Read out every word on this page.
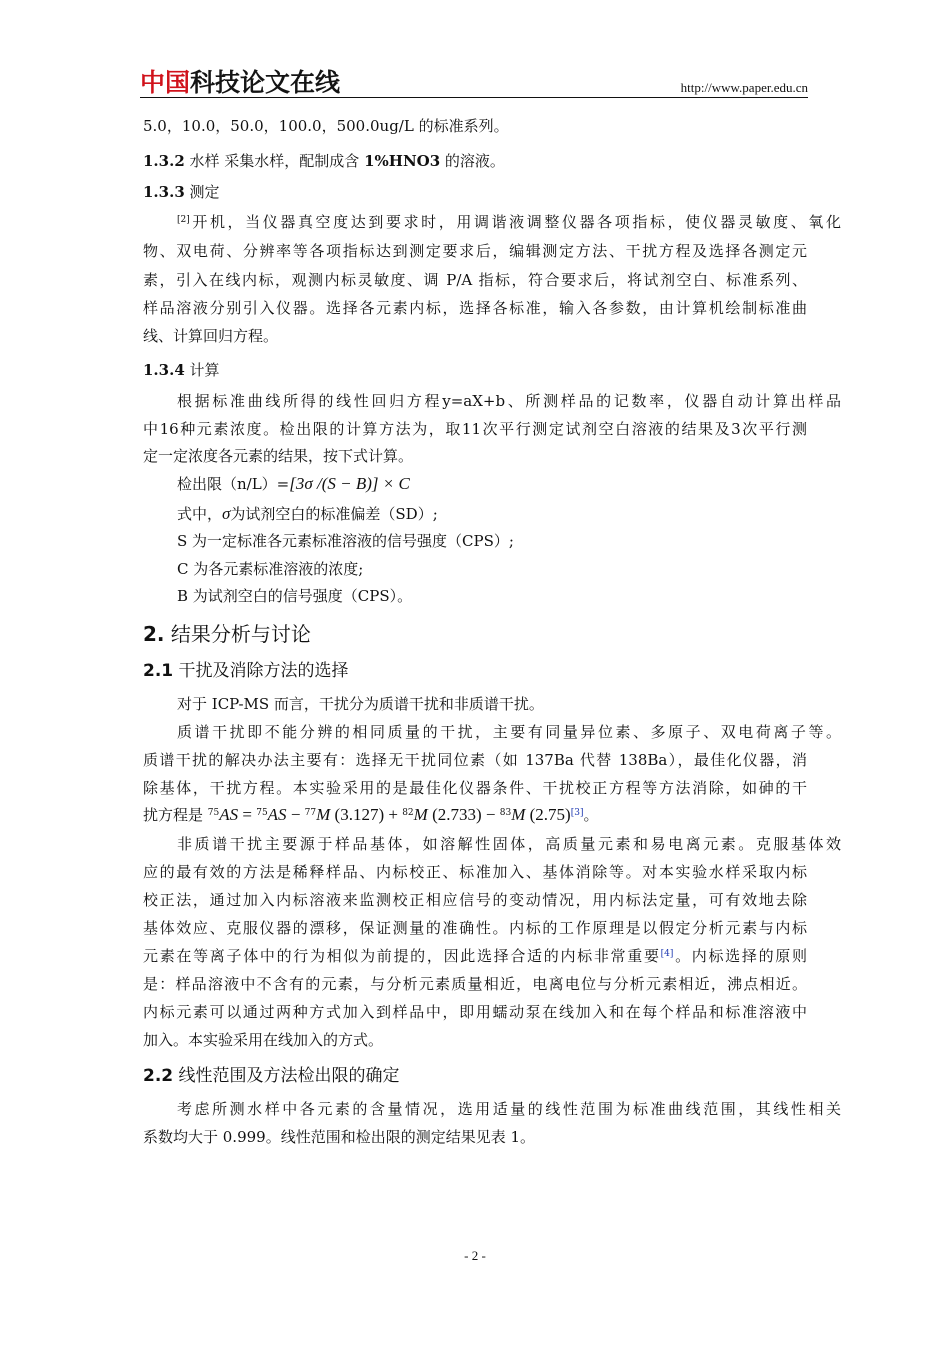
中国 科技论文在线	http://www.paper.edu.cn
5.0，10.0，50.0，100.0，500.0ug/L 的标准系列。
1.3.2 水样 采集水样，配制成含 1%HNO3 的溶液。
1.3.3 测定
[2]开机，当仪器真空度达到要求时，用调谐液调整仪器各项指标，使仪器灵敏度、氧化
物、双电荷、分辨率等各项指标达到测定要求后，编辑测定方法、干扰方程及选择各测定元
素，引入在线内标，观测内标灵敏度、调 P/A 指标，符合要求后，将试剂空白、标准系列、
样品溶液分别引入仪器。选择各元素内标，选择各标准，输入各参数，由计算机绘制标准曲
线、计算回归方程。
1.3.4 计算
根据标准曲线所得的线性回归方程y=aX+b、所测样品的记数率，仪器自动计算出样品
中16种元素浓度。检出限的计算方法为，取11次平行测定试剂空白溶液的结果及3次平行测
定一定浓度各元素的结果，按下式计算。
检出限（n/L）=[3σ /(S − B)] × C
式中，σ为试剂空白的标准偏差（SD）;
S 为一定标准各元素标准溶液的信号强度（CPS）;
C 为各元素标准溶液的浓度;
B 为试剂空白的信号强度（CPS）。
2. 结果分析与讨论
2.1 干扰及消除方法的选择
对于 ICP-MS 而言，干扰分为质谱干扰和非质谱干扰。
质谱干扰即不能分辨的相同质量的干扰，主要有同量异位素、多原子、双电荷离子等。
质谱干扰的解决办法主要有：选择无干扰同位素（如 137Ba 代替 138Ba），最佳化仪器，消
除基体，干扰方程。本实验采用的是最佳化仪器条件、干扰校正方程等方法消除，如砷的干
扰方程是 $^{75}$AS = $^{75}$AS − $^{77}$M (3.127) + $^{82}$M (2.733) − $^{83}$M (2.75)[3]。
非质谱干扰主要源于样品基体，如溶解性固体，高质量元素和易电离元素。克服基体效
应的最有效的方法是稀释样品、内标校正、标准加入、基体消除等。对本实验水样采取内标
校正法，通过加入内标溶液来监测校正相应信号的变动情况，用内标法定量，可有效地去除
基体效应、克服仪器的漂移，保证测量的准确性。内标的工作原理是以假定分析元素与内标
元素在等离子体中的行为相似为前提的，因此选择合适的内标非常重要[4]。内标选择的原则
是：样品溶液中不含有的元素，与分析元素质量相近，电离电位与分析元素相近，沸点相近。
内标元素可以通过两种方式加入到样品中，即用蠕动泵在线加入和在每个样品和标准溶液中
加入。本实验采用在线加入的方式。
2.2 线性范围及方法检出限的确定
考虑所测水样中各元素的含量情况，选用适量的线性范围为标准曲线范围，其线性相关
系数均大于 0.999。线性范围和检出限的测定结果见表 1。
- 2 -
